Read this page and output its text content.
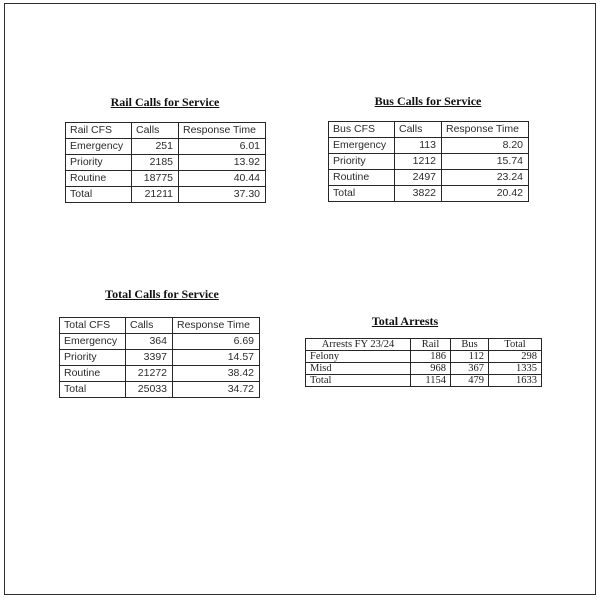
Rail Calls for Service
Rail CFS	Calls	Response Time
Emergency	251	6.01
Priority	2185	13.92
Routine	18775	40.44
Total	21211	37.30
Bus Calls for Service
Bus CFS	Calls	Response Time
Emergency	113	8.20
Priority	1212	15.74
Routine	2497	23.24
Total	3822	20.42
Total Calls for Service
Total CFS	Calls	Response Time
Emergency	364	6.69
Priority	3397	14.57
Routine	21272	38.42
Total	25033	34.72
Total Arrests
Arrests FY 23/24	Rail	Bus	Total
Felony	186	112	298
Misd	968	367	1335
Total	1154	479	1633
